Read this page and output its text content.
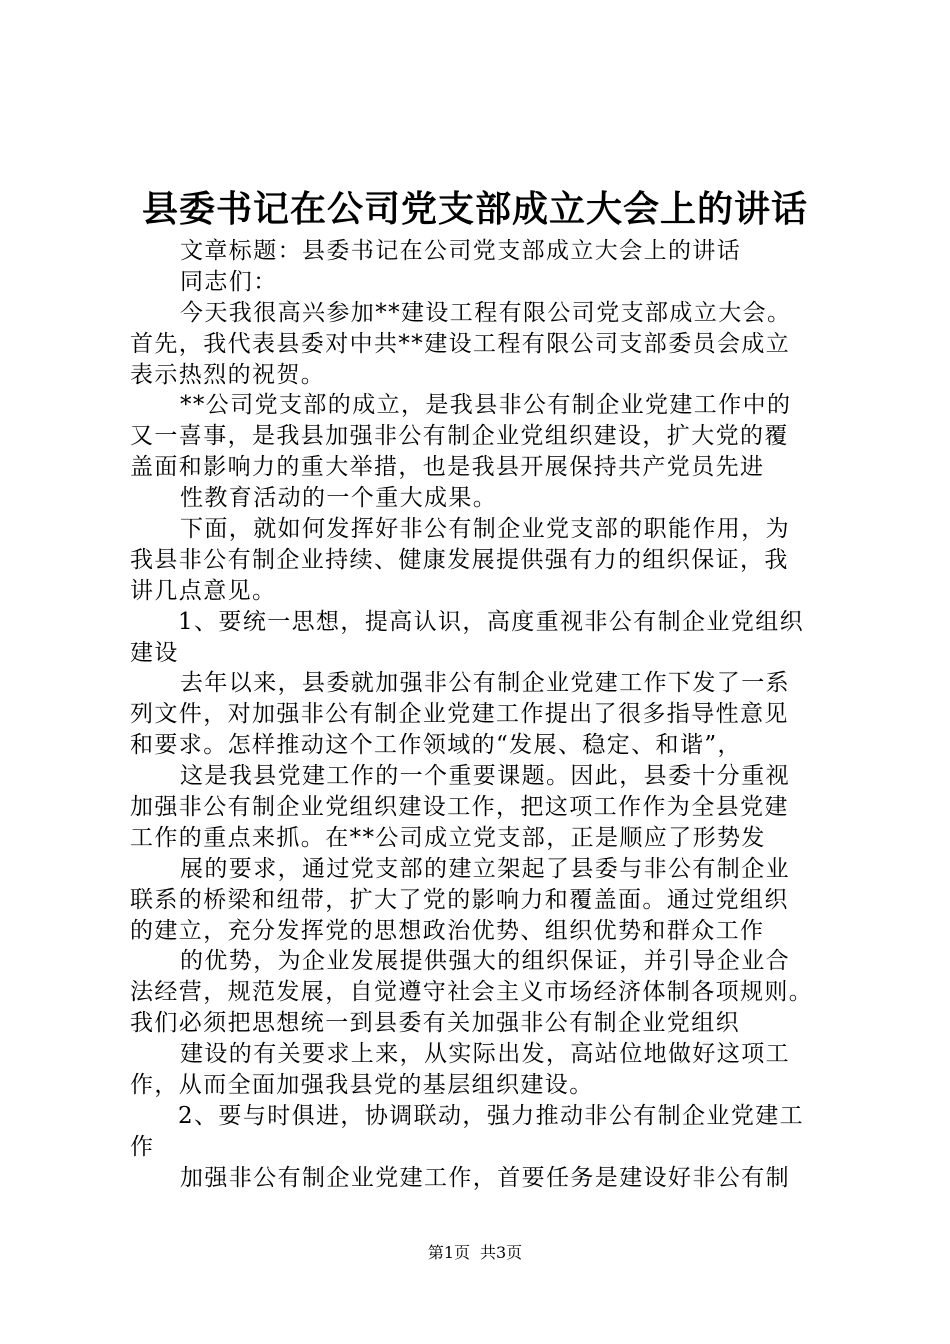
县委书记在公司党支部成立大会上的讲话

文章标题：县委书记在公司党支部成立大会上的讲话

同志们：

今天我很高兴参加**建设工程有限公司党支部成立大会。

首先，我代表县委对中共**建设工程有限公司支部委员会成立

表示热烈的祝贺。

**公司党支部的成立，是我县非公有制企业党建工作中的

又一喜事，是我县加强非公有制企业党组织建设，扩大党的覆

盖面和影响力的重大举措，也是我县开展保持共产党员先进

性教育活动的一个重大成果。

下面，就如何发挥好非公有制企业党支部的职能作用，为

我县非公有制企业持续、健康发展提供强有力的组织保证，我

讲几点意见。

1、要统一思想，提高认识，高度重视非公有制企业党组织

建设

去年以来，县委就加强非公有制企业党建工作下发了一系

列文件，对加强非公有制企业党建工作提出了很多指导性意见

和要求。怎样推动这个工作领域的“发展、稳定、和谐”，

这是我县党建工作的一个重要课题。因此，县委十分重视

加强非公有制企业党组织建设工作，把这项工作作为全县党建

工作的重点来抓。在**公司成立党支部，正是顺应了形势发

展的要求，通过党支部的建立架起了县委与非公有制企业

联系的桥梁和纽带，扩大了党的影响力和覆盖面。通过党组织

的建立，充分发挥党的思想政治优势、组织优势和群众工作

的优势，为企业发展提供强大的组织保证，并引导企业合

法经营，规范发展，自觉遵守社会主义市场经济体制各项规则。

我们必须把思想统一到县委有关加强非公有制企业党组织

建设的有关要求上来，从实际出发，高站位地做好这项工

作，从而全面加强我县党的基层组织建设。

2、要与时俱进，协调联动，强力推动非公有制企业党建工

作

加强非公有制企业党建工作，首要任务是建设好非公有制

第1页 共3页
